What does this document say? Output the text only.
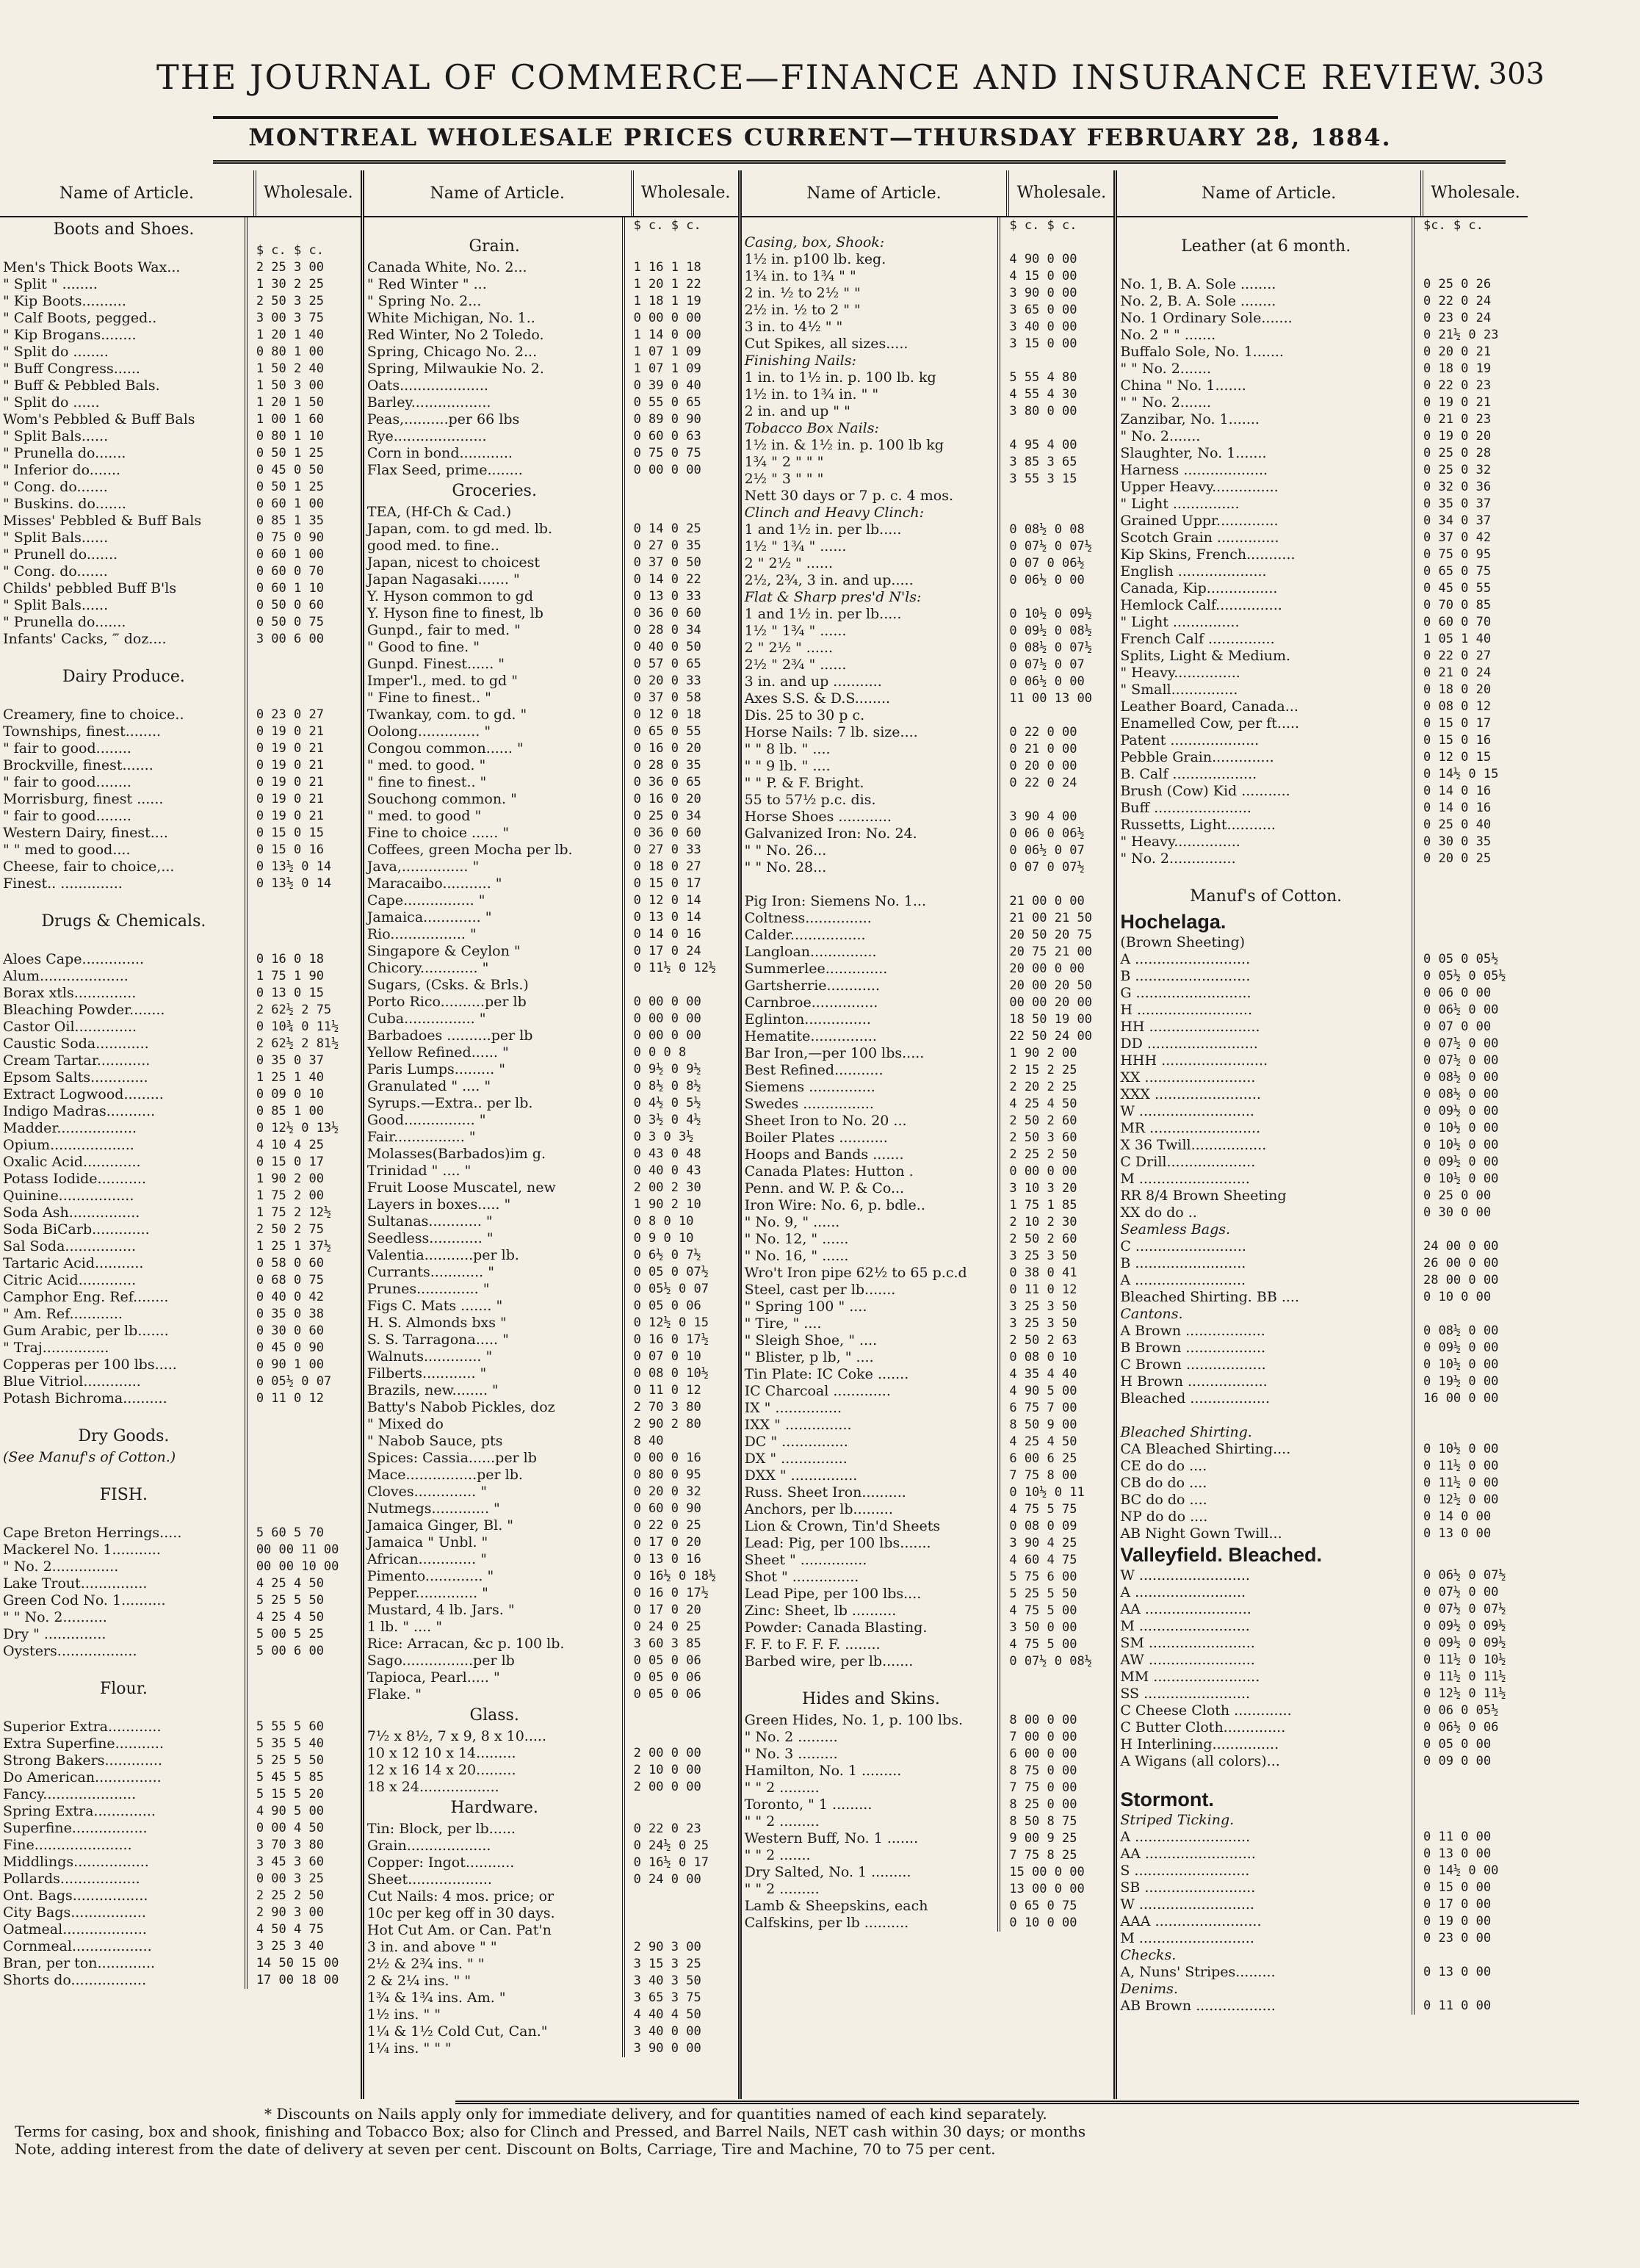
THE JOURNAL OF COMMERCE—FINANCE AND INSURANCE REVIEW. 303
MONTREAL WHOLESALE PRICES CURRENT—THURSDAY FEBRUARY 28, 1884.
Name of Article.	Wholesale.
Boots and Shoes.
$ c. $ c.
Men's Thick Boots Wax...	2 25 3 00
" Split " ........	1 30 2 25
" Kip Boots..........	2 50 3 25
" Calf Boots, pegged..	3 00 3 75
" Kip Brogans........	1 20 1 40
" Split do ........	0 80 1 00
" Buff Congress......	1 50 2 40
" Buff & Pebbled Bals.	1 50 3 00
" Split do ......	1 20 1 50
Wom's Pebbled & Buff Bals	1 00 1 60
" Split Bals......	0 80 1 10
" Prunella do.......	0 50 1 25
" Inferior do.......	0 45 0 50
" Cong. do.......	0 50 1 25
" Buskins. do.......	0 60 1 00
Misses' Pebbled & Buff Bals	0 85 1 35
" Split Bals......	0 75 0 90
" Prunell do.......	0 60 1 00
" Cong. do.......	0 60 0 70
Childs' pebbled Buff B'ls	0 60 1 10
" Split Bals......	0 50 0 60
" Prunella do.......	0 50 0 75
Infants' Cacks, ‴ doz....	3 00 6 00
Dairy Produce.
Creamery, fine to choice..	0 23 0 27
Townships, finest........	0 19 0 21
" fair to good........	0 19 0 21
Brockville, finest.......	0 19 0 21
" fair to good........	0 19 0 21
Morrisburg, finest ......	0 19 0 21
" fair to good........	0 19 0 21
Western Dairy, finest....	0 15 0 15
" " med to good....	0 15 0 16
Cheese, fair to choice,...	0 13½ 0 14
Finest.. ..............	0 13½ 0 14
Drugs & Chemicals.
Aloes Cape..............	0 16 0 18
Alum....................	1 75 1 90
Borax xtls..............	0 13 0 15
Bleaching Powder........	2 62½ 2 75
Castor Oil..............	0 10¾ 0 11½
Caustic Soda............	2 62½ 2 81½
Cream Tartar............	0 35 0 37
Epsom Salts.............	1 25 1 40
Extract Logwood.........	0 09 0 10
Indigo Madras...........	0 85 1 00
Madder..................	0 12½ 0 13½
Opium...................	4 10 4 25
Oxalic Acid.............	0 15 0 17
Potass Iodide...........	1 90 2 00
Quinine.................	1 75 2 00
Soda Ash................	1 75 2 12½
Soda BiCarb.............	2 50 2 75
Sal Soda................	1 25 1 37½
Tartaric Acid...........	0 58 0 60
Citric Acid.............	0 68 0 75
Camphor Eng. Ref........	0 40 0 42
" Am. Ref............	0 35 0 38
Gum Arabic, per lb.......	0 30 0 60
" Traj...............	0 45 0 90
Copperas per 100 lbs.....	0 90 1 00
Blue Vitriol.............	0 05½ 0 07
Potash Bichroma..........	0 11 0 12
Dry Goods.
(See Manuf's of Cotton.)
FISH.
Cape Breton Herrings.....	5 60 5 70
Mackerel No. 1...........	00 00 11 00
" No. 2...............	00 00 10 00
Lake Trout...............	4 25 4 50
Green Cod No. 1..........	5 25 5 50
" " No. 2..........	4 25 4 50
Dry " ..............	5 00 5 25
Oysters..................	5 00 6 00
Flour.
Superior Extra............	5 55 5 60
Extra Superfine...........	5 35 5 40
Strong Bakers.............	5 25 5 50
Do American...............	5 45 5 85
Fancy.....................	5 15 5 20
Spring Extra..............	4 90 5 00
Superfine.................	0 00 4 50
Fine......................	3 70 3 80
Middlings.................	3 45 3 60
Pollards..................	0 00 3 25
Ont. Bags.................	2 25 2 50
City Bags.................	2 90 3 00
Oatmeal...................	4 50 4 75
Cornmeal..................	3 25 3 40
Bran, per ton.............	14 50 15 00
Shorts do.................	17 00 18 00
Name of Article.	Wholesale.
$ c. $ c.
Grain.
Canada White, No. 2...	1 16 1 18
" Red Winter " ...	1 20 1 22
" Spring No. 2...	1 18 1 19
White Michigan, No. 1..	0 00 0 00
Red Winter, No 2 Toledo.	1 14 0 00
Spring, Chicago No. 2...	1 07 1 09
Spring, Milwaukie No. 2.	1 07 1 09
Oats....................	0 39 0 40
Barley..................	0 55 0 65
Peas,..........per 66 lbs	0 89 0 90
Rye.....................	0 60 0 63
Corn in bond............	0 75 0 75
Flax Seed, prime........	0 00 0 00
Groceries.
TEA, (Hf-Ch & Cad.)
Japan, com. to gd med. lb.	0 14 0 25
good med. to fine..	0 27 0 35
Japan, nicest to choicest	0 37 0 50
Japan Nagasaki....... "	0 14 0 22
Y. Hyson common to gd	0 13 0 33
Y. Hyson fine to finest, lb	0 36 0 60
Gunpd., fair to med. "	0 28 0 34
" Good to fine. "	0 40 0 50
Gunpd. Finest...... "	0 57 0 65
Imper'l., med. to gd "	0 20 0 33
" Fine to finest.. "	0 37 0 58
Twankay, com. to gd. "	0 12 0 18
Oolong.............. "	0 65 0 55
Congou common...... "	0 16 0 20
" med. to good. "	0 28 0 35
" fine to finest.. "	0 36 0 65
Souchong common. "	0 16 0 20
" med. to good "	0 25 0 34
Fine to choice ...... "	0 36 0 60
Coffees, green Mocha per lb.	0 27 0 33
Java,............... "	0 18 0 27
Maracaibo........... "	0 15 0 17
Cape................ "	0 12 0 14
Jamaica............. "	0 13 0 14
Rio................. "	0 14 0 16
Singapore & Ceylon "	0 17 0 24
Chicory............. "	0 11½ 0 12½
Sugars, (Csks. & Brls.)
Porto Rico..........per lb	0 00 0 00
Cuba................ "	0 00 0 00
Barbadoes ..........per lb	0 00 0 00
Yellow Refined...... "	0 0 0 8
Paris Lumps......... "	0 9½ 0 9½
Granulated " .... "	0 8½ 0 8½
Syrups.—Extra.. per lb.	0 4½ 0 5½
Good................ "	0 3½ 0 4½
Fair................ "	0 3 0 3½
Molasses(Barbados)im g.	0 43 0 48
Trinidad " .... "	0 40 0 43
Fruit Loose Muscatel, new	2 00 2 30
Layers in boxes..... "	1 90 2 10
Sultanas............ "	0 8 0 10
Seedless............ "	0 9 0 10
Valentia...........per lb.	0 6½ 0 7½
Currants............ "	0 05 0 07½
Prunes.............. "	0 05½ 0 07
Figs C. Mats ....... "	0 05 0 06
H. S. Almonds bxs "	0 12½ 0 15
S. S. Tarragona..... "	0 16 0 17½
Walnuts............. "	0 07 0 10
Filberts............ "	0 08 0 10½
Brazils, new........ "	0 11 0 12
Batty's Nabob Pickles, doz	2 70 3 80
" Mixed do	2 90 2 80
" Nabob Sauce, pts	8 40
Spices: Cassia......per lb	0 00 0 16
Mace................per lb.	0 80 0 95
Cloves.............. "	0 20 0 32
Nutmegs............. "	0 60 0 90
Jamaica Ginger, Bl. "	0 22 0 25
Jamaica " Unbl. "	0 17 0 20
African............. "	0 13 0 16
Pimento............. "	0 16½ 0 18½
Pepper.............. "	0 16 0 17½
Mustard, 4 lb. Jars. "	0 17 0 20
1 lb. " .... "	0 24 0 25
Rice: Arracan, &c p. 100 lb.	3 60 3 85
Sago................per lb	0 05 0 06
Tapioca, Pearl..... "	0 05 0 06
Flake. "	0 05 0 06
Glass.
7½ x 8½, 7 x 9, 8 x 10.....
10 x 12 10 x 14.........	2 00 0 00
12 x 16 14 x 20.........	2 10 0 00
18 x 24..................	2 00 0 00
Hardware.
Tin: Block, per lb......	0 22 0 23
Grain...................	0 24½ 0 25
Copper: Ingot...........	0 16½ 0 17
Sheet...................	0 24 0 00
Cut Nails: 4 mos. price; or
10c per keg off in 30 days.
Hot Cut Am. or Can. Pat'n
3 in. and above " "	2 90 3 00
2½ & 2¾ ins. " "	3 15 3 25
2 & 2¼ ins. " "	3 40 3 50
1¾ & 1¾ ins. Am. "	3 65 3 75
1½ ins. " "	4 40 4 50
1¼ & 1½ Cold Cut, Can."	3 40 0 00
1¼ ins. " " "	3 90 0 00
Name of Article.	Wholesale.
$ c. $ c.
Casing, box, Shook:
1½ in. p100 lb. keg.	4 90 0 00
1¾ in. to 1¾ " "	4 15 0 00
2 in. ½ to 2½ " "	3 90 0 00
2½ in. ½ to 2 " "	3 65 0 00
3 in. to 4½ " "	3 40 0 00
Cut Spikes, all sizes.....	3 15 0 00
Finishing Nails:
1 in. to 1½ in. p. 100 lb. kg	5 55 4 80
1½ in. to 1¾ in. " "	4 55 4 30
2 in. and up " "	3 80 0 00
Tobacco Box Nails:
1½ in. & 1½ in. p. 100 lb kg	4 95 4 00
1¾ " 2 " " "	3 85 3 65
2½ " 3 " " "	3 55 3 15
Nett 30 days or 7 p. c. 4 mos.
Clinch and Heavy Clinch:
1 and 1½ in. per lb.....	0 08½ 0 08
1½ " 1¾ " ......	0 07½ 0 07½
2 " 2½ " ......	0 07 0 06½
2½, 2¾, 3 in. and up.....	0 06½ 0 00
Flat & Sharp pres'd N'ls:
1 and 1½ in. per lb.....	0 10½ 0 09½
1½ " 1¾ " ......	0 09½ 0 08½
2 " 2½ " ......	0 08½ 0 07½
2½ " 2¾ " ......	0 07½ 0 07
3 in. and up ...........	0 06½ 0 00
Axes S.S. & D.S........	11 00 13 00
Dis. 25 to 30 p c.
Horse Nails: 7 lb. size....	0 22 0 00
" " 8 lb. " ....	0 21 0 00
" " 9 lb. " ....	0 20 0 00
" " P. & F. Bright.	0 22 0 24
55 to 57½ p.c. dis.
Horse Shoes ............	3 90 4 00
Galvanized Iron: No. 24.	0 06 0 06½
" " No. 26...	0 06½ 0 07
" " No. 28...	0 07 0 07½
Pig Iron: Siemens No. 1...	21 00 0 00
Coltness...............	21 00 21 50
Calder.................	20 50 20 75
Langloan...............	20 75 21 00
Summerlee..............	20 00 0 00
Gartsherrie............	20 00 20 50
Carnbroe...............	00 00 20 00
Eglinton...............	18 50 19 00
Hematite...............	22 50 24 00
Bar Iron,—per 100 lbs.....	1 90 2 00
Best Refined...........	2 15 2 25
Siemens ...............	2 20 2 25
Swedes ................	4 25 4 50
Sheet Iron to No. 20 ...	2 50 2 60
Boiler Plates ...........	2 50 3 60
Hoops and Bands .......	2 25 2 50
Canada Plates: Hutton .	0 00 0 00
Penn. and W. P. & Co...	3 10 3 20
Iron Wire: No. 6, p. bdle..	1 75 1 85
" No. 9, " ......	2 10 2 30
" No. 12, " ......	2 50 2 60
" No. 16, " ......	3 25 3 50
Wro't Iron pipe 62½ to 65 p.c.d	0 38 0 41
Steel, cast per lb.......	0 11 0 12
" Spring 100 " ....	3 25 3 50
" Tire, " ....	3 25 3 50
" Sleigh Shoe, " ....	2 50 2 63
" Blister, p lb, " ....	0 08 0 10
Tin Plate: IC Coke .......	4 35 4 40
IC Charcoal .............	4 90 5 00
IX " ...............	6 75 7 00
IXX " ...............	8 50 9 00
DC " ...............	4 25 4 50
DX " ...............	6 00 6 25
DXX " ...............	7 75 8 00
Russ. Sheet Iron..........	0 10½ 0 11
Anchors, per lb.........	4 75 5 75
Lion & Crown, Tin'd Sheets	0 08 0 09
Lead: Pig, per 100 lbs.......	3 90 4 25
Sheet " ...............	4 60 4 75
Shot " ...............	5 75 6 00
Lead Pipe, per 100 lbs....	5 25 5 50
Zinc: Sheet, lb ..........	4 75 5 00
Powder: Canada Blasting.	3 50 0 00
F. F. to F. F. F. ........	4 75 5 00
Barbed wire, per lb.......	0 07½ 0 08½
Hides and Skins.
Green Hides, No. 1, p. 100 lbs.	8 00 0 00
" No. 2 .........	7 00 0 00
" No. 3 .........	6 00 0 00
Hamilton, No. 1 .........	8 75 0 00
" " 2 .........	7 75 0 00
Toronto, " 1 .........	8 25 0 00
" " 2 .........	8 50 8 75
Western Buff, No. 1 .......	9 00 9 25
" " 2 .......	7 75 8 25
Dry Salted, No. 1 .........	15 00 0 00
" " 2 .........	13 00 0 00
Lamb & Sheepskins, each	0 65 0 75
Calfskins, per lb ..........	0 10 0 00
Name of Article.	Wholesale.
$c. $ c.
Leather (at 6 month.
No. 1, B. A. Sole ........	0 25 0 26
No. 2, B. A. Sole ........	0 22 0 24
No. 1 Ordinary Sole.......	0 23 0 24
No. 2 " " .......	0 21½ 0 23
Buffalo Sole, No. 1.......	0 20 0 21
" " No. 2.......	0 18 0 19
China " No. 1.......	0 22 0 23
" " No. 2.......	0 19 0 21
Zanzibar, No. 1.......	0 21 0 23
" No. 2.......	0 19 0 20
Slaughter, No. 1.......	0 25 0 28
Harness ...................	0 25 0 32
Upper Heavy...............	0 32 0 36
" Light ...............	0 35 0 37
Grained Uppr..............	0 34 0 37
Scotch Grain ..............	0 37 0 42
Kip Skins, French...........	0 75 0 95
English ....................	0 65 0 75
Canada, Kip................	0 45 0 55
Hemlock Calf...............	0 70 0 85
" Light ...............	0 60 0 70
French Calf ...............	1 05 1 40
Splits, Light & Medium.	0 22 0 27
" Heavy...............	0 21 0 24
" Small...............	0 18 0 20
Leather Board, Canada...	0 08 0 12
Enamelled Cow, per ft.....	0 15 0 17
Patent ....................	0 15 0 16
Pebble Grain..............	0 12 0 15
B. Calf ...................	0 14½ 0 15
Brush (Cow) Kid ...........	0 14 0 16
Buff ......................	0 14 0 16
Russetts, Light...........	0 25 0 40
" Heavy...............	0 30 0 35
" No. 2...............	0 20 0 25
Manuf's of Cotton.
Hochelaga.
(Brown Sheeting)
A ..........................	0 05 0 05½
B ..........................	0 05½ 0 05½
G ..........................	0 06 0 00
H ..........................	0 06½ 0 00
HH .........................	0 07 0 00
DD .........................	0 07½ 0 00
HHH ........................	0 07½ 0 00
XX .........................	0 08½ 0 00
XXX ........................	0 08½ 0 00
W ..........................	0 09½ 0 00
MR .........................	0 10½ 0 00
X 36 Twill.................	0 10½ 0 00
C Drill....................	0 09½ 0 00
M .........................	0 10½ 0 00
RR 8/4 Brown Sheeting	0 25 0 00
XX do do ..	0 30 0 00
Seamless Bags.
C .........................	24 00 0 00
B .........................	26 00 0 00
A .........................	28 00 0 00
Bleached Shirting. BB ....	0 10 0 00
Cantons.
A Brown ..................	0 08½ 0 00
B Brown ..................	0 09½ 0 00
C Brown ..................	0 10½ 0 00
H Brown ..................	0 19½ 0 00
Bleached ..................	16 00 0 00
Bleached Shirting.
CA Bleached Shirting....	0 10½ 0 00
CE do do ....	0 11½ 0 00
CB do do ....	0 11½ 0 00
BC do do ....	0 12½ 0 00
NP do do ....	0 14 0 00
AB Night Gown Twill...	0 13 0 00
Valleyfield. Bleached.
W .........................	0 06½ 0 07½
A .........................	0 07½ 0 00
AA ........................	0 07½ 0 07½
M .........................	0 09½ 0 09½
SM ........................	0 09½ 0 09½
AW ........................	0 11½ 0 10½
MM ........................	0 11½ 0 11½
SS ........................	0 12½ 0 11½
C Cheese Cloth .............	0 06 0 05½
C Butter Cloth..............	0 06½ 0 06
H Interlining...............	0 05 0 00
A Wigans (all colors)...	0 09 0 00
Stormont.
Striped Ticking.
A ..........................	0 11 0 00
AA .........................	0 13 0 00
S ..........................	0 14½ 0 00
SB .........................	0 15 0 00
W ..........................	0 17 0 00
AAA ........................	0 19 0 00
M ..........................	0 23 0 00
Checks.
A, Nuns' Stripes.........	0 13 0 00
Denims.
AB Brown ..................	0 11 0 00

* Discounts on Nails apply only for immediate delivery, and for quantities named of each kind separately.

Terms for casing, box and shook, finishing and Tobacco Box; also for Clinch and Pressed, and Barrel Nails, NET cash within 30 days; or months

Note, adding interest from the date of delivery at seven per cent. Discount on Bolts, Carriage, Tire and Machine, 70 to 75 per cent.
